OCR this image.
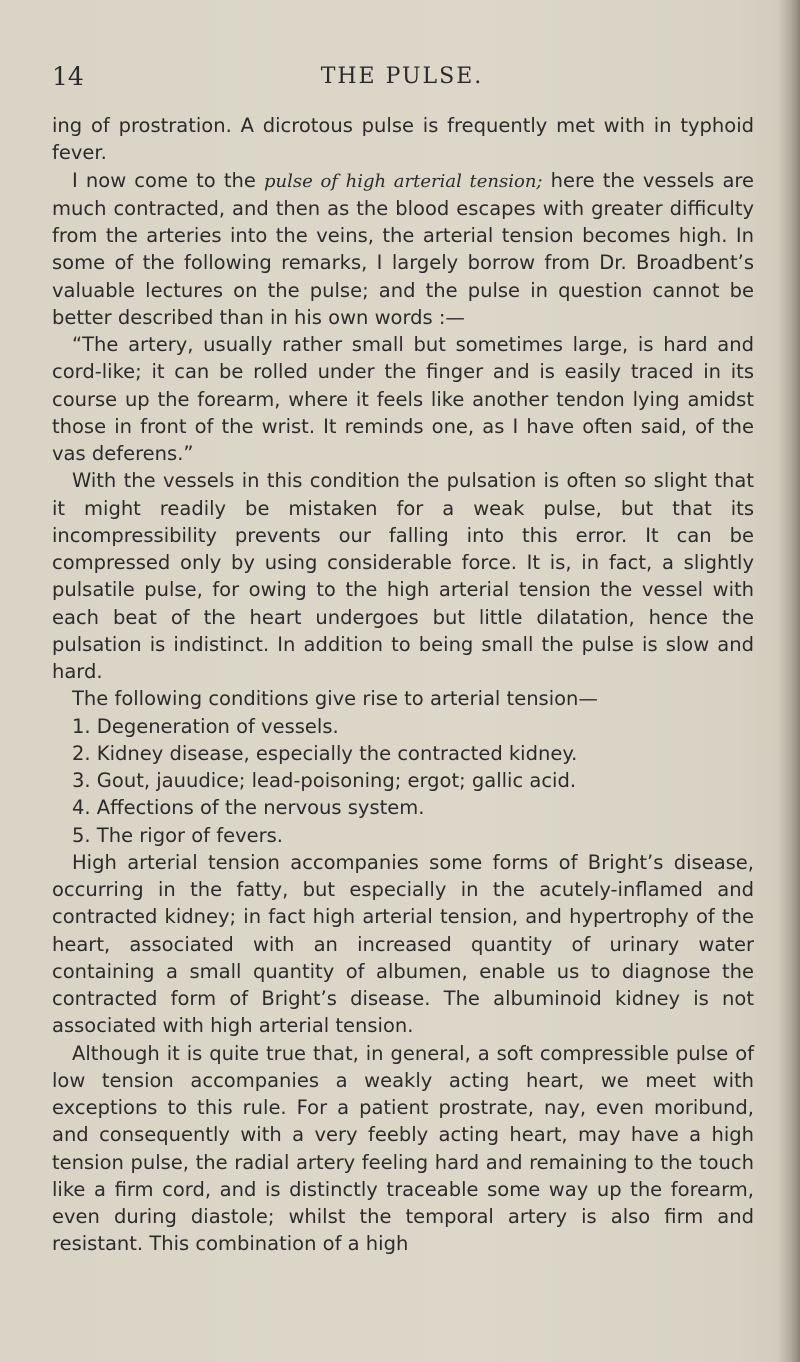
14	THE PULSE.

ing of prostration. A dicrotous pulse is frequently met with in typhoid fever.

I now come to the pulse of high arterial tension; here the vessels are much contracted, and then as the blood escapes with greater difficulty from the arteries into the veins, the arterial tension becomes high. In some of the following remarks, I largely borrow from Dr. Broadbent’s valuable lectures on the pulse; and the pulse in question cannot be better described than in his own words :—

“The artery, usually rather small but sometimes large, is hard and cord-like; it can be rolled under the finger and is easily traced in its course up the forearm, where it feels like another tendon lying amidst those in front of the wrist. It reminds one, as I have often said, of the vas deferens.”

With the vessels in this condition the pulsation is often so slight that it might readily be mistaken for a weak pulse, but that its incompressibility prevents our falling into this error. It can be compressed only by using considerable force. It is, in fact, a slightly pulsatile pulse, for owing to the high arterial tension the vessel with each beat of the heart undergoes but little dilatation, hence the pulsation is indistinct. In addition to being small the pulse is slow and hard.

The following conditions give rise to arterial tension—

1. Degeneration of vessels.

2. Kidney disease, especially the contracted kidney.

3. Gout, jauudice; lead-poisoning; ergot; gallic acid.

4. Affections of the nervous system.

5. The rigor of fevers.

High arterial tension accompanies some forms of Bright’s disease, occurring in the fatty, but especially in the acutely-inflamed and contracted kidney; in fact high arterial tension, and hypertrophy of the heart, associated with an increased quantity of urinary water containing a small quantity of albumen, enable us to diagnose the contracted form of Bright’s disease. The albuminoid kidney is not associated with high arterial tension.

Although it is quite true that, in general, a soft compressible pulse of low tension accompanies a weakly acting heart, we meet with exceptions to this rule. For a patient prostrate, nay, even moribund, and consequently with a very feebly acting heart, may have a high tension pulse, the radial artery feeling hard and remaining to the touch like a firm cord, and is distinctly traceable some way up the forearm, even during diastole; whilst the temporal artery is also firm and resistant. This combination of a high
